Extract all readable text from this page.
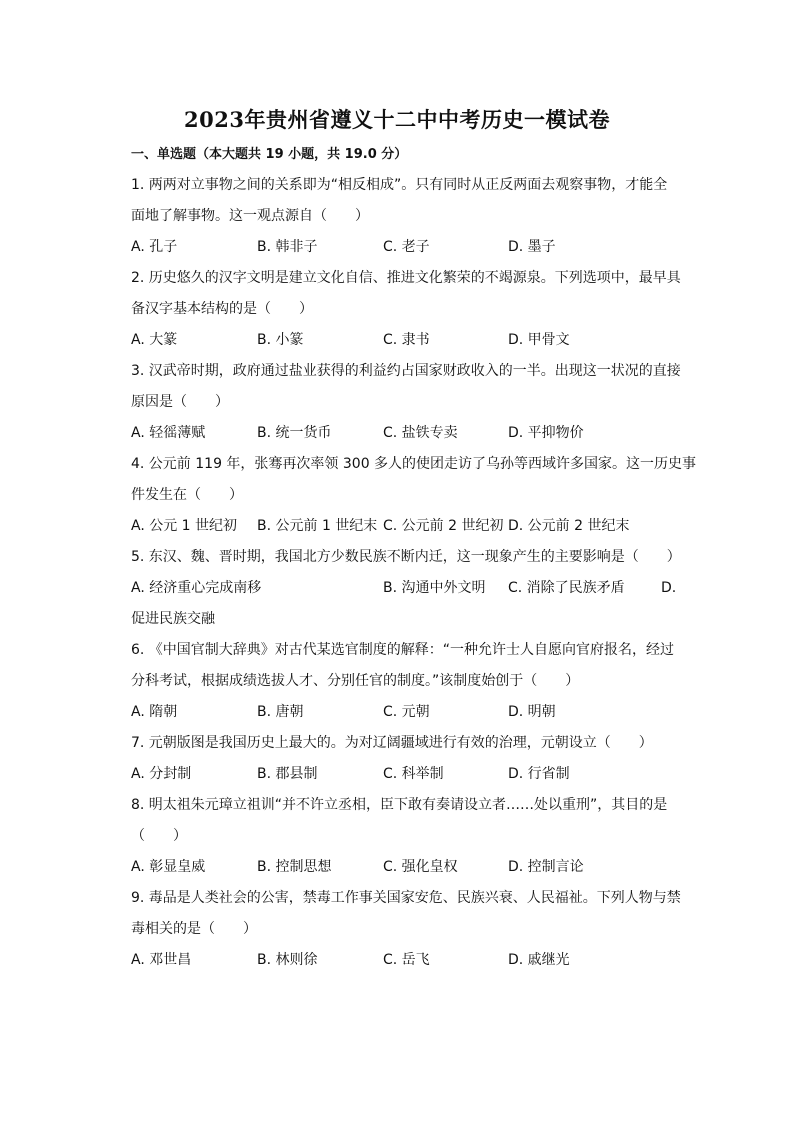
2023年贵州省遵义十二中中考历史一模试卷
一、单选题（本大题共 19 小题，共 19.0 分）
1. 两两对立事物之间的关系即为“相反相成”。只有同时从正反两面去观察事物，才能全
面地了解事物。这一观点源自（　　）
A. 孔子	B. 韩非子	C. 老子	D. 墨子
2. 历史悠久的汉字文明是建立文化自信、推进文化繁荣的不竭源泉。下列选项中，最早具
备汉字基本结构的是（　　）
A. 大篆	B. 小篆	C. 隶书	D. 甲骨文
3. 汉武帝时期，政府通过盐业获得的利益约占国家财政收入的一半。出现这一状况的直接
原因是（　　）
A. 轻徭薄赋	B. 统一货币	C. 盐铁专卖	D. 平抑物价
4. 公元前 119 年，张骞再次率领 300 多人的使团走访了乌孙等西域许多国家。这一历史事
件发生在（　　）
A. 公元 1 世纪初 B. 公元前 1 世纪末 C. 公元前 2 世纪初 D. 公元前 2 世纪末
5. 东汉、魏、晋时期，我国北方少数民族不断内迁，这一现象产生的主要影响是（　　）
A. 经济重心完成南移	B. 沟通中外文明 C. 消除了民族矛盾	D.
促进民族交融
6. 《中国官制大辞典》对古代某选官制度的解释：“一种允许士人自愿向官府报名，经过
分科考试，根据成绩选拔人才、分别任官的制度。”该制度始创于（　　）
A. 隋朝	B. 唐朝	C. 元朝	D. 明朝
7. 元朝版图是我国历史上最大的。为对辽阔疆域进行有效的治理，元朝设立（　　）
A. 分封制	B. 郡县制	C. 科举制	D. 行省制
8. 明太祖朱元璋立祖训“并不许立丞相，臣下敢有奏请设立者……处以重刑”，其目的是
（　　）
A. 彰显皇威	B. 控制思想	C. 强化皇权	D. 控制言论
9. 毒品是人类社会的公害，禁毒工作事关国家安危、民族兴衰、人民福祉。下列人物与禁
毒相关的是（　　）
A. 邓世昌	B. 林则徐	C. 岳飞	D. 戚继光
